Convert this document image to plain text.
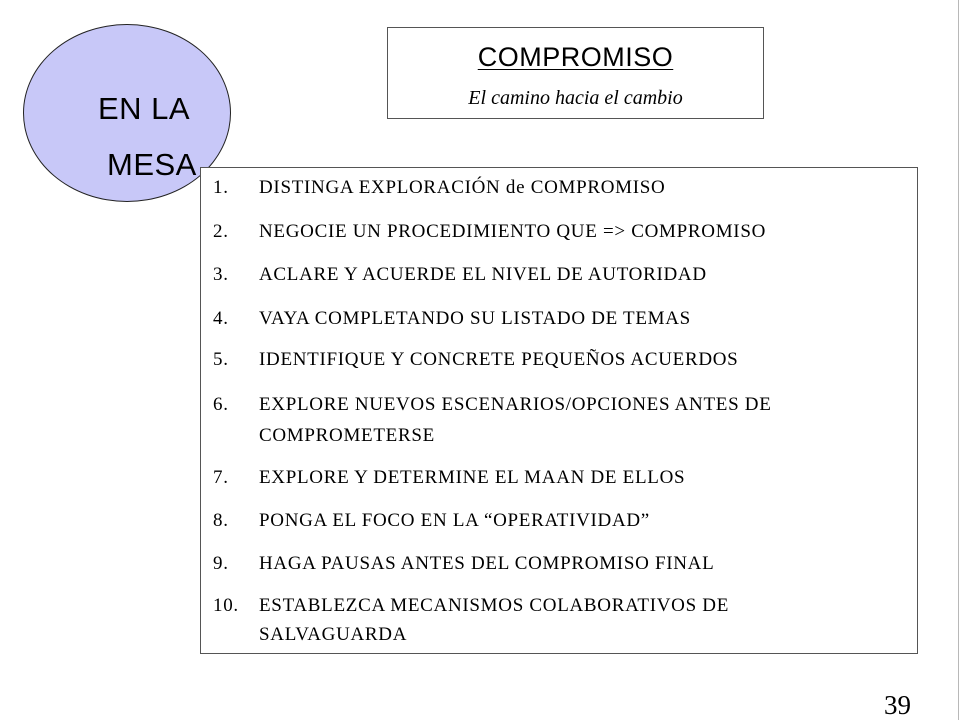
EN LA
MESA
COMPROMISO
El camino hacia el cambio
1. DISTINGA EXPLORACIÓN de COMPROMISO
2. NEGOCIE UN PROCEDIMIENTO QUE => COMPROMISO
3. ACLARE Y ACUERDE EL NIVEL DE AUTORIDAD
4. VAYA COMPLETANDO SU LISTADO DE TEMAS
5. IDENTIFIQUE Y CONCRETE PEQUEÑOS ACUERDOS
6. EXPLORE NUEVOS ESCENARIOS/OPCIONES ANTES DE
COMPROMETERSE
7. EXPLORE Y DETERMINE EL MAAN DE ELLOS
8. PONGA EL FOCO EN LA “OPERATIVIDAD”
9. HAGA PAUSAS ANTES DEL COMPROMISO FINAL
10. ESTABLEZCA MECANISMOS COLABORATIVOS DE
SALVAGUARDA
39
